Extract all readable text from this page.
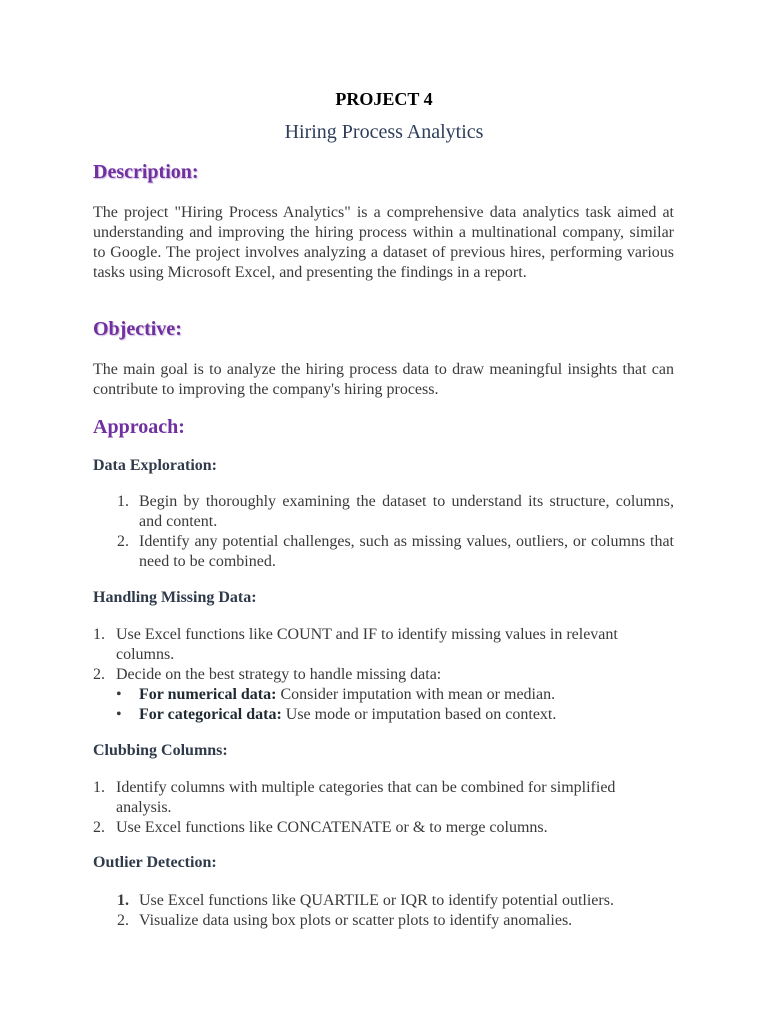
PROJECT 4
Hiring Process Analytics
Description:
The project "Hiring Process Analytics" is a comprehensive data analytics task aimed at understanding and improving the hiring process within a multinational company, similar to Google. The project involves analyzing a dataset of previous hires, performing various tasks using Microsoft Excel, and presenting the findings in a report.
Objective:
The main goal is to analyze the hiring process data to draw meaningful insights that can contribute to improving the company's hiring process.
Approach:
Data Exploration:
1. Begin by thoroughly examining the dataset to understand its structure, columns, and content.
2. Identify any potential challenges, such as missing values, outliers, or columns that need to be combined.
Handling Missing Data:
1. Use Excel functions like COUNT and IF to identify missing values in relevant columns.
2. Decide on the best strategy to handle missing data:
• For numerical data: Consider imputation with mean or median.
• For categorical data: Use mode or imputation based on context.
Clubbing Columns:
1. Identify columns with multiple categories that can be combined for simplified analysis.
2. Use Excel functions like CONCATENATE or & to merge columns.
Outlier Detection:
1. Use Excel functions like QUARTILE or IQR to identify potential outliers.
2. Visualize data using box plots or scatter plots to identify anomalies.
